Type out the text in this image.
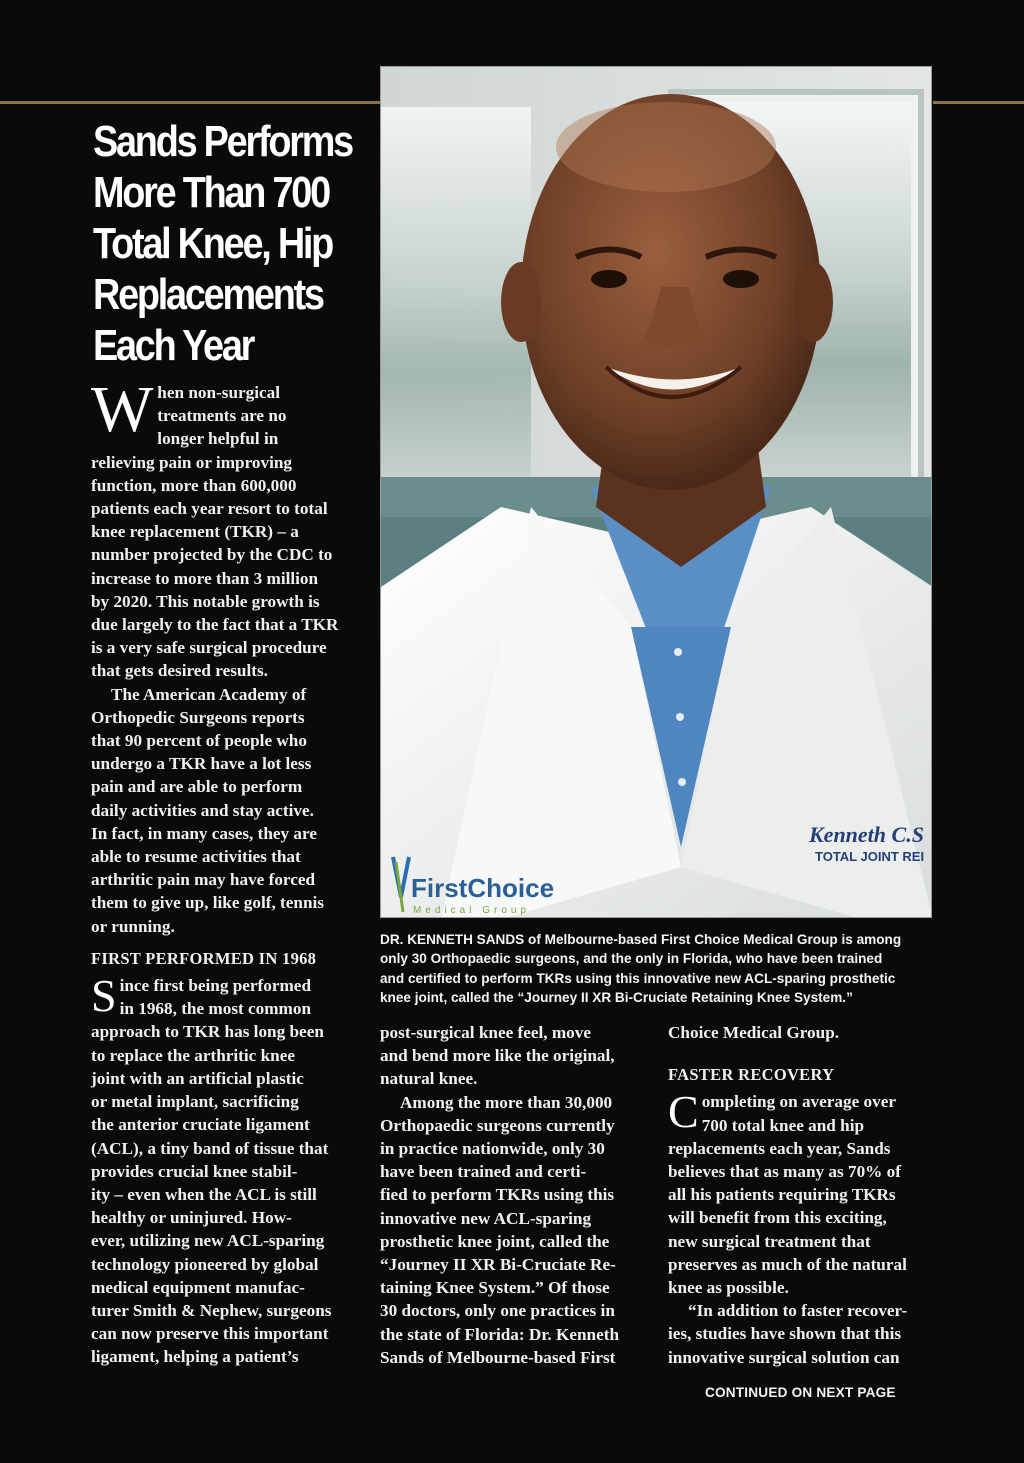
Sands Performs
More Than 700
Total Knee, Hip
Replacements
Each Year

W hen non-surgical
treatments are no
longer helpful in
relieving pain or improving
function, more than 600,000
patients each year resort to total
knee replacement (TKR) – a
number projected by the CDC to
increase to more than 3 million
by 2020. This notable growth is
due largely to the fact that a TKR
is a very safe surgical procedure
that gets desired results.

The American Academy of
Orthopedic Surgeons reports
that 90 percent of people who
undergo a TKR have a lot less
pain and are able to perform
daily activities and stay active.
In fact, in many cases, they are
able to resume activities that
arthritic pain may have forced
them to give up, like golf, tennis
or running.

FIRST PERFORMED IN 1968

S ince first being performed
in 1968, the most common
approach to TKR has long been
to replace the arthritic knee
joint with an artificial plastic
or metal implant, sacrificing
the anterior cruciate ligament
(ACL), a tiny band of tissue that
provides crucial knee stabil-
ity – even when the ACL is still
healthy or uninjured. How-
ever, utilizing new ACL-sparing
technology pioneered by global
medical equipment manufac-
turer Smith & Nephew, surgeons
can now preserve this important
ligament, helping a patient’s

FirstChoice
Medical Group
Kenneth C.S
TOTAL JOINT REI
DR. KENNETH SANDS of Melbourne-based First Choice Medical Group is among
only 30 Orthopaedic surgeons, and the only in Florida, who have been trained
and certified to perform TKRs using this innovative new ACL-sparing prosthetic
knee joint, called the “Journey II XR Bi-Cruciate Retaining Knee System.”

post-surgical knee feel, move
and bend more like the original,
natural knee.

Among the more than 30,000
Orthopaedic surgeons currently
in practice nationwide, only 30
have been trained and certi-
fied to perform TKRs using this
innovative new ACL-sparing
prosthetic knee joint, called the
“Journey II XR Bi-Cruciate Re-
taining Knee System.” Of those
30 doctors, only one practices in
the state of Florida: Dr. Kenneth
Sands of Melbourne-based First

Choice Medical Group.

FASTER RECOVERY

C ompleting on average over
700 total knee and hip
replacements each year, Sands
believes that as many as 70% of
all his patients requiring TKRs
will benefit from this exciting,
new surgical treatment that
preserves as much of the natural
knee as possible.

“In addition to faster recover-
ies, studies have shown that this
innovative surgical solution can

CONTINUED ON NEXT PAGE
